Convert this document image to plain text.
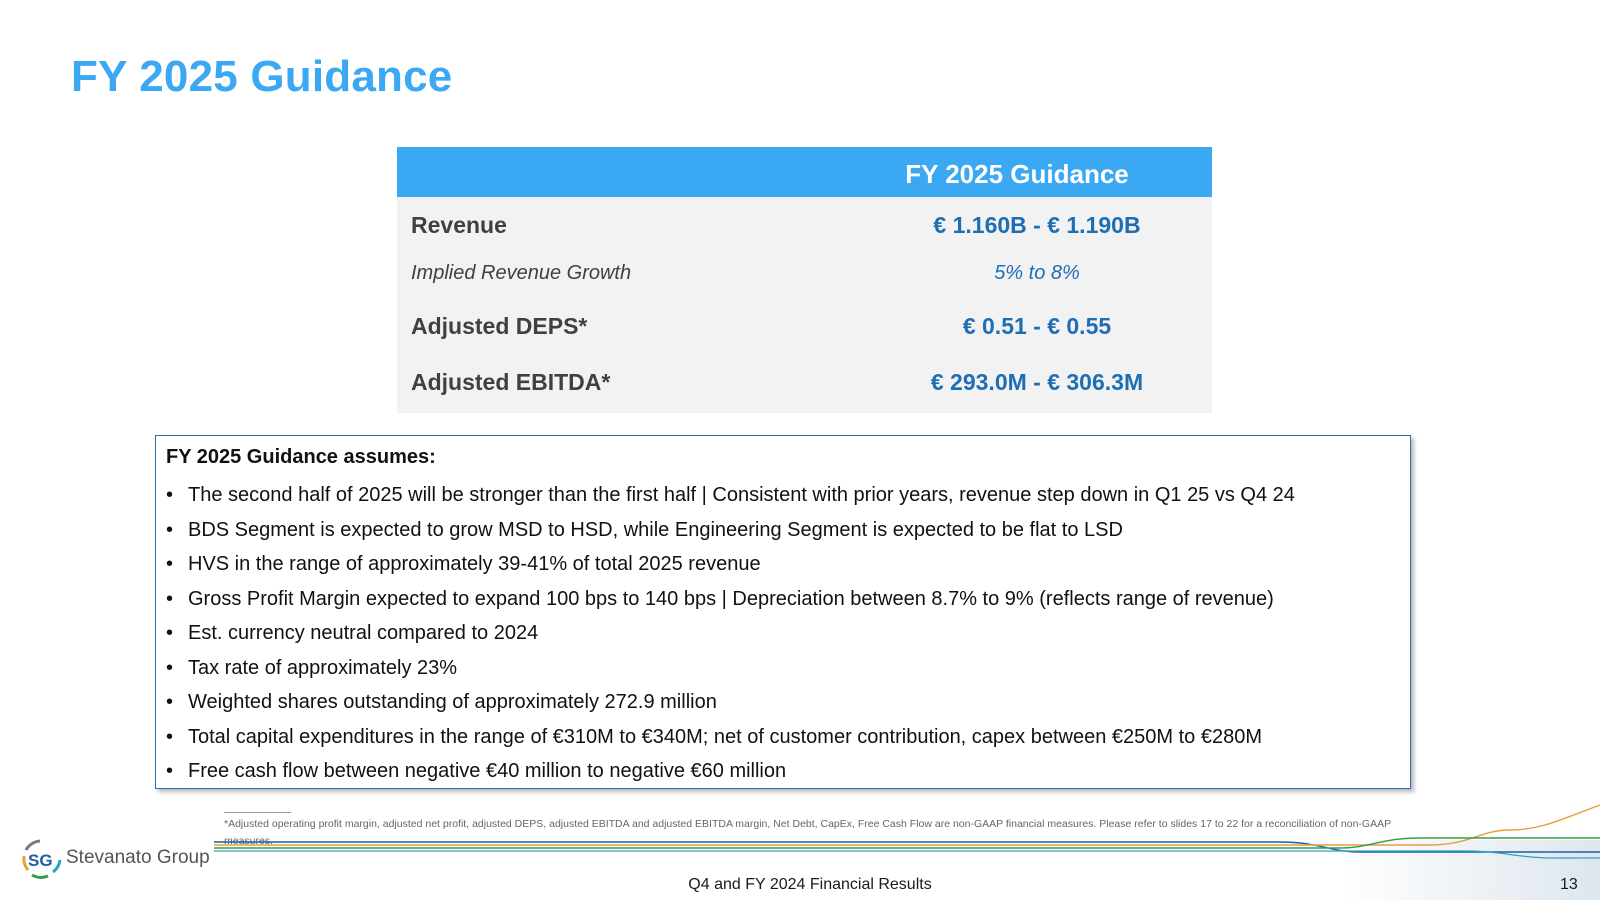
FY 2025 Guidance
FY 2025 Guidance
Revenue	€ 1.160B - € 1.190B
Implied Revenue Growth	5% to 8%
Adjusted DEPS*	€ 0.51 - € 0.55
Adjusted EBITDA*	€ 293.0M - € 306.3M

FY 2025 Guidance assumes:

• The second half of 2025 will be stronger than the first half | Consistent with prior years, revenue step down in Q1 25 vs Q4 24
• BDS Segment is expected to grow MSD to HSD, while Engineering Segment is expected to be flat to LSD
• HVS in the range of approximately 39-41% of total 2025 revenue
• Gross Profit Margin expected to expand 100 bps to 140 bps | Depreciation between 8.7% to 9% (reflects range of revenue)
• Est. currency neutral compared to 2024
• Tax rate of approximately 23%
• Weighted shares outstanding of approximately 272.9 million
• Total capital expenditures in the range of €310M to €340M; net of customer contribution, capex between €250M to €280M
• Free cash flow between negative €40 million to negative €60 million
*Adjusted operating profit margin, adjusted net profit, adjusted DEPS, adjusted EBITDA and adjusted EBITDA margin, Net Debt, CapEx, Free Cash Flow are non-GAAP financial measures. Please refer to slides 17 to 22 for a reconciliation of non-GAAP measures.
SG Stevanato Group
Q4 and FY 2024 Financial Results	13
